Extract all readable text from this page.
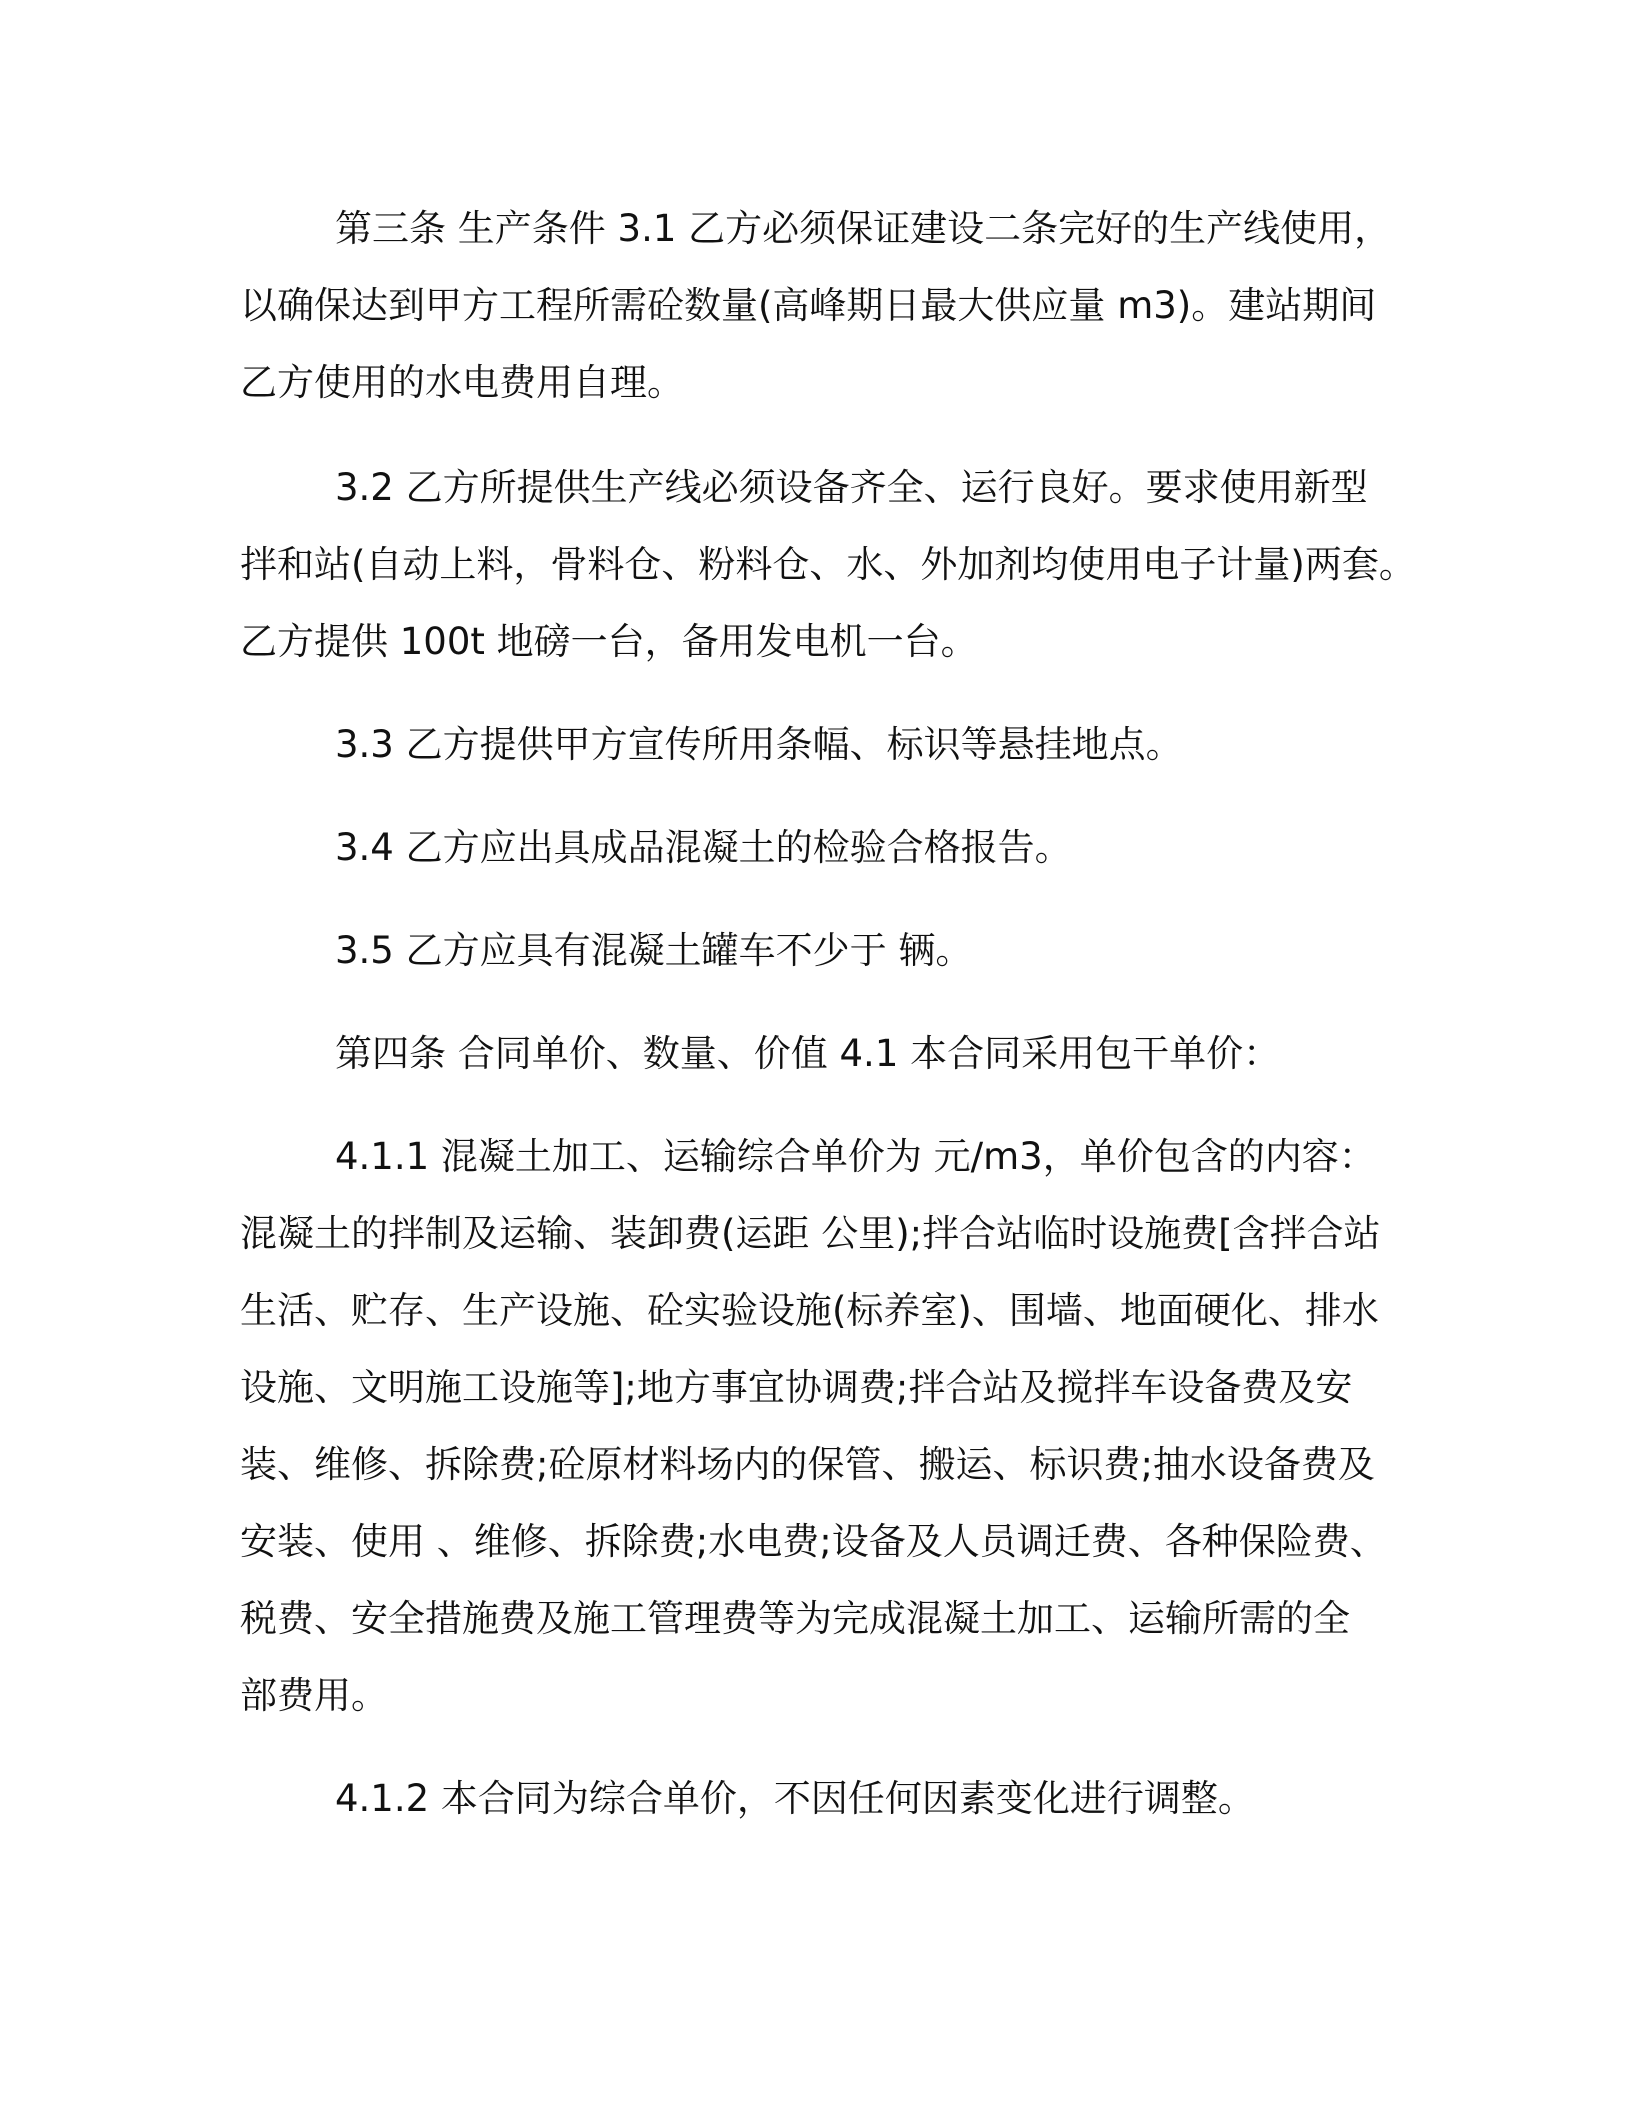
第三条 生产条件 3.1 乙方必须保证建设二条完好的生产线使用，
以确保达到甲方工程所需砼数量(高峰期日最大供应量 m3)。建站期间
乙方使用的水电费用自理。

3.2 乙方所提供生产线必须设备齐全、运行良好。要求使用新型
拌和站(自动上料，骨料仓、粉料仓、水、外加剂均使用电子计量)两套。
乙方提供 100t 地磅一台，备用发电机一台。

3.3 乙方提供甲方宣传所用条幅、标识等悬挂地点。

3.4 乙方应出具成品混凝土的检验合格报告。

3.5 乙方应具有混凝土罐车不少于 辆。

第四条 合同单价、数量、价值 4.1 本合同采用包干单价：

4.1.1 混凝土加工、运输综合单价为 元/m3，单价包含的内容：
混凝土的拌制及运输、装卸费(运距 公里);拌合站临时设施费[含拌合站
生活、贮存、生产设施、砼实验设施(标养室)、围墙、地面硬化、排水
设施、文明施工设施等];地方事宜协调费;拌合站及搅拌车设备费及安
装、维修、拆除费;砼原材料场内的保管、搬运、标识费;抽水设备费及
安装、使用 、维修、拆除费;水电费;设备及人员调迁费、各种保险费、
税费、安全措施费及施工管理费等为完成混凝土加工、运输所需的全
部费用。

4.1.2 本合同为综合单价，不因任何因素变化进行调整。
